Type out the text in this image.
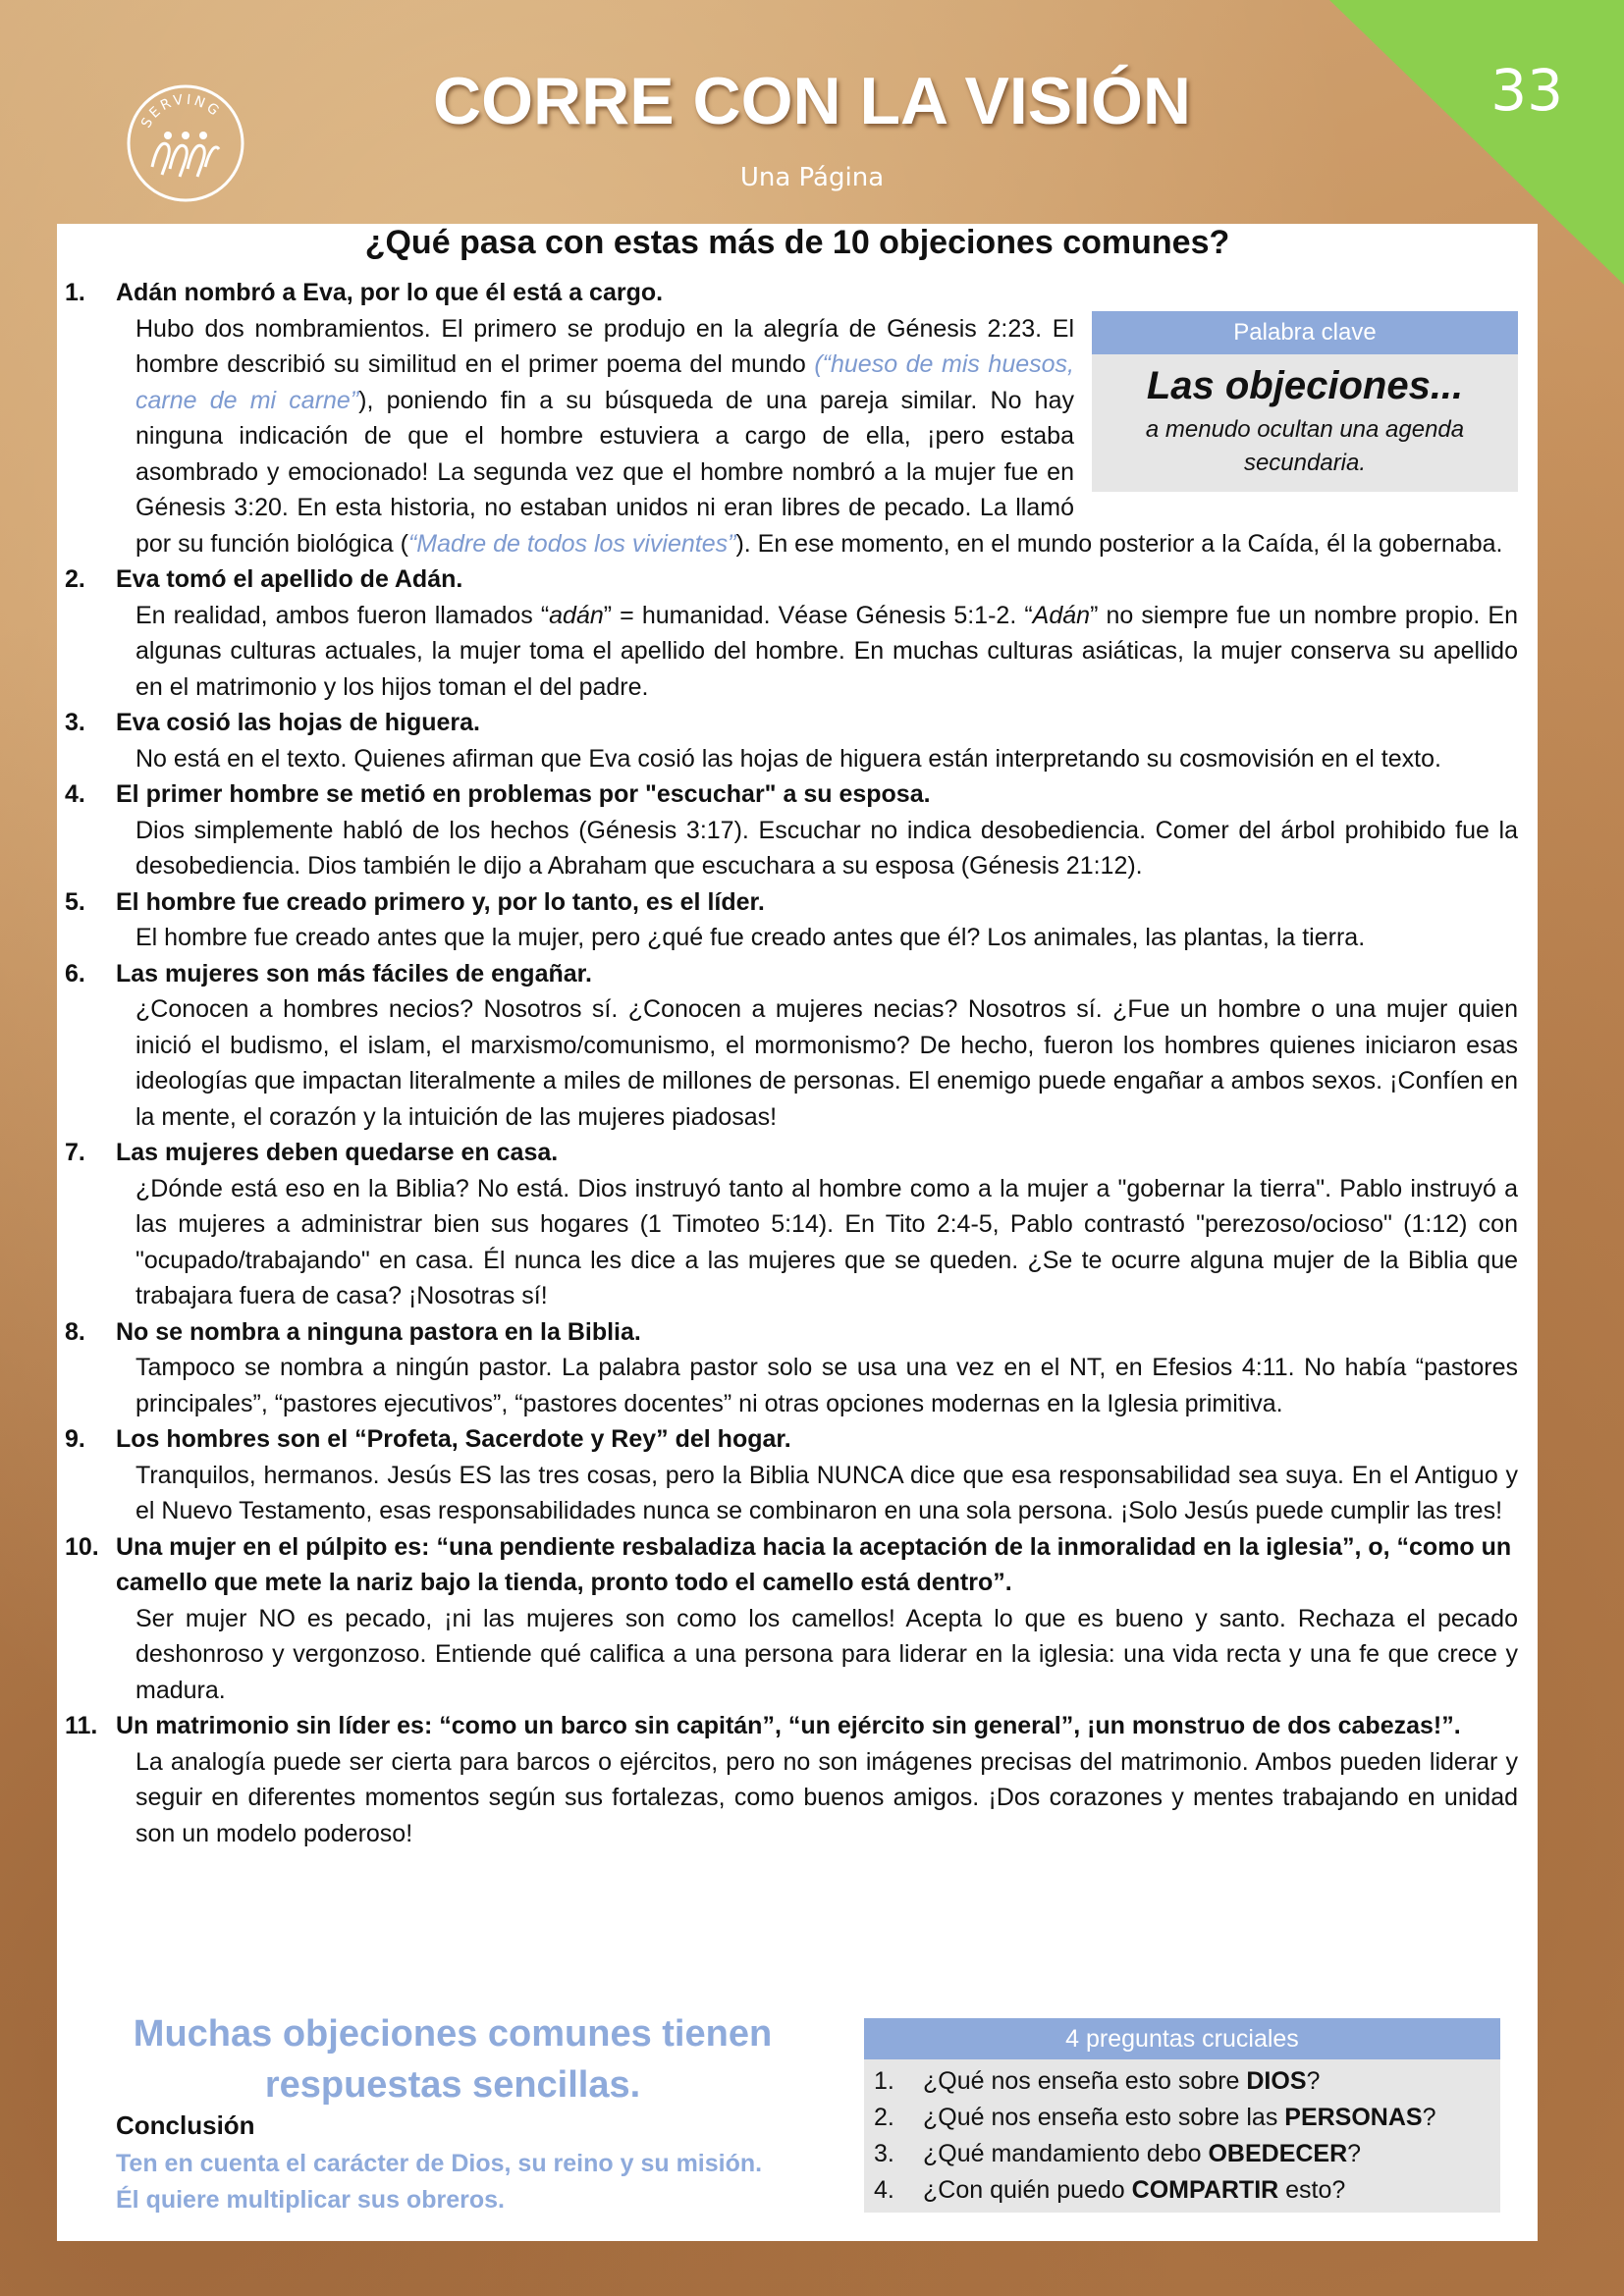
33
SERVING	CORRE CON LA VISIÓN
Una Página
¿Qué pasa con estas más de 10 objeciones comunes?
1.	Adán nombró a Eva, por lo que él está a cargo.
Palabra clave
Las objeciones...
a menudo ocultan una agenda secundaria.
Hubo dos nombramientos. El primero se produjo en la alegría de Génesis 2:23. El hombre describió su similitud en el primer poema del mundo (“hueso de mis huesos, carne de mi carne”), poniendo fin a su búsqueda de una pareja similar. No hay ninguna indicación de que el hombre estuviera a cargo de ella, ¡pero estaba asombrado y emocionado! La segunda vez que el hombre nombró a la mujer fue en Génesis 3:20. En esta historia, no estaban unidos ni eran libres de pecado. La llamó por su función biológica (“Madre de todos los vivientes”). En ese momento, en el mundo posterior a la Caída, él la gobernaba.
2.	Eva tomó el apellido de Adán.
En realidad, ambos fueron llamados “adán” = humanidad. Véase Génesis 5:1-2. “Adán” no siempre fue un nombre propio. En algunas culturas actuales, la mujer toma el apellido del hombre. En muchas culturas asiáticas, la mujer conserva su apellido en el matrimonio y los hijos toman el del padre.
3.	Eva cosió las hojas de higuera.
No está en el texto. Quienes afirman que Eva cosió las hojas de higuera están interpretando su cosmovisión en el texto.
4.	El primer hombre se metió en problemas por "escuchar" a su esposa.
Dios simplemente habló de los hechos (Génesis 3:17). Escuchar no indica desobediencia. Comer del árbol prohibido fue la desobediencia. Dios también le dijo a Abraham que escuchara a su esposa (Génesis 21:12).
5.	El hombre fue creado primero y, por lo tanto, es el líder.
El hombre fue creado antes que la mujer, pero ¿qué fue creado antes que él? Los animales, las plantas, la tierra.
6.	Las mujeres son más fáciles de engañar.
¿Conocen a hombres necios? Nosotros sí. ¿Conocen a mujeres necias? Nosotros sí. ¿Fue un hombre o una mujer quien inició el budismo, el islam, el marxismo/comunismo, el mormonismo? De hecho, fueron los hombres quienes iniciaron esas ideologías que impactan literalmente a miles de millones de personas. El enemigo puede engañar a ambos sexos. ¡Confíen en la mente, el corazón y la intuición de las mujeres piadosas!
7.	Las mujeres deben quedarse en casa.
¿Dónde está eso en la Biblia? No está. Dios instruyó tanto al hombre como a la mujer a "gobernar la tierra". Pablo instruyó a las mujeres a administrar bien sus hogares (1 Timoteo 5:14). En Tito 2:4-5, Pablo contrastó "perezoso/ocioso" (1:12) con "ocupado/trabajando" en casa. Él nunca les dice a las mujeres que se queden. ¿Se te ocurre alguna mujer de la Biblia que trabajara fuera de casa? ¡Nosotras sí!
8.	No se nombra a ninguna pastora en la Biblia.
Tampoco se nombra a ningún pastor. La palabra pastor solo se usa una vez en el NT, en Efesios 4:11. No había “pastores principales”, “pastores ejecutivos”, “pastores docentes” ni otras opciones modernas en la Iglesia primitiva.
9.	Los hombres son el “Profeta, Sacerdote y Rey” del hogar.
Tranquilos, hermanos. Jesús ES las tres cosas, pero la Biblia NUNCA dice que esa responsabilidad sea suya. En el Antiguo y el Nuevo Testamento, esas responsabilidades nunca se combinaron en una sola persona. ¡Solo Jesús puede cumplir las tres!
10. Una mujer en el púlpito es: “una pendiente resbaladiza hacia la aceptación de la inmoralidad en la iglesia”, o, “como un camello que mete la nariz bajo la tienda, pronto todo el camello está dentro”.
Ser mujer NO es pecado, ¡ni las mujeres son como los camellos! Acepta lo que es bueno y santo. Rechaza el pecado deshonroso y vergonzoso. Entiende qué califica a una persona para liderar en la iglesia: una vida recta y una fe que crece y madura.
11. Un matrimonio sin líder es: “como un barco sin capitán”, “un ejército sin general”, ¡un monstruo de dos cabezas!”.
La analogía puede ser cierta para barcos o ejércitos, pero no son imágenes precisas del matrimonio. Ambos pueden liderar y seguir en diferentes momentos según sus fortalezas, como buenos amigos. ¡Dos corazones y mentes trabajando en unidad son un modelo poderoso!
Muchas objeciones comunes tienen respuestas sencillas.
Conclusión
Ten en cuenta el carácter de Dios, su reino y su misión.
Él quiere multiplicar sus obreros.
4 preguntas cruciales
1.	¿Qué nos enseña esto sobre DIOS?
2.	¿Qué nos enseña esto sobre las PERSONAS?
3.	¿Qué mandamiento debo OBEDECER?
4.	¿Con quién puedo COMPARTIR esto?
